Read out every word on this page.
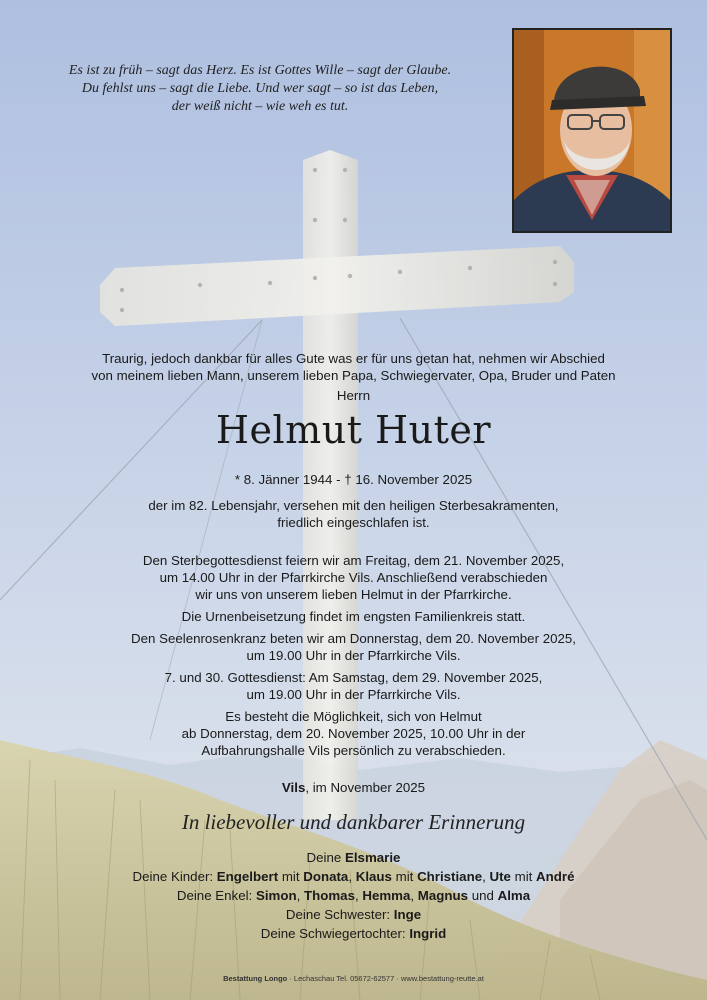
Es ist zu früh – sagt das Herz. Es ist Gottes Wille – sagt der Glaube.
Du fehlst uns – sagt die Liebe. Und wer sagt – so ist das Leben,
der weiß nicht – wie weh es tut.
Traurig, jedoch dankbar für alles Gute was er für uns getan hat, nehmen wir Abschied
von meinem lieben Mann, unserem lieben Papa, Schwiegervater, Opa, Bruder und Paten
Herrn
Helmut Huter
* 8. Jänner 1944 - † 16. November 2025
der im 82. Lebensjahr, versehen mit den heiligen Sterbesakramenten,
friedlich eingeschlafen ist.
Den Sterbegottesdienst feiern wir am Freitag, dem 21. November 2025,
um 14.00 Uhr in der Pfarrkirche Vils. Anschließend verabschieden
wir uns von unserem lieben Helmut in der Pfarrkirche.
Die Urnenbeisetzung findet im engsten Familienkreis statt.
Den Seelenrosenkranz beten wir am Donnerstag, dem 20. November 2025,
um 19.00 Uhr in der Pfarrkirche Vils.
7. und 30. Gottesdienst: Am Samstag, dem 29. November 2025,
um 19.00 Uhr in der Pfarrkirche Vils.
Es besteht die Möglichkeit, sich von Helmut
ab Donnerstag, dem 20. November 2025, 10.00 Uhr in der
Aufbahrungshalle Vils persönlich zu verabschieden.
Vils, im November 2025
In liebevoller und dankbarer Erinnerung
Deine Elsmarie
Deine Kinder: Engelbert mit Donata, Klaus mit Christiane, Ute mit André
Deine Enkel: Simon, Thomas, Hemma, Magnus und Alma
Deine Schwester: Inge
Deine Schwiegertochter: Ingrid
Bestattung Longo · Lechaschau Tel. 05672-62577 · www.bestattung-reutte.at
